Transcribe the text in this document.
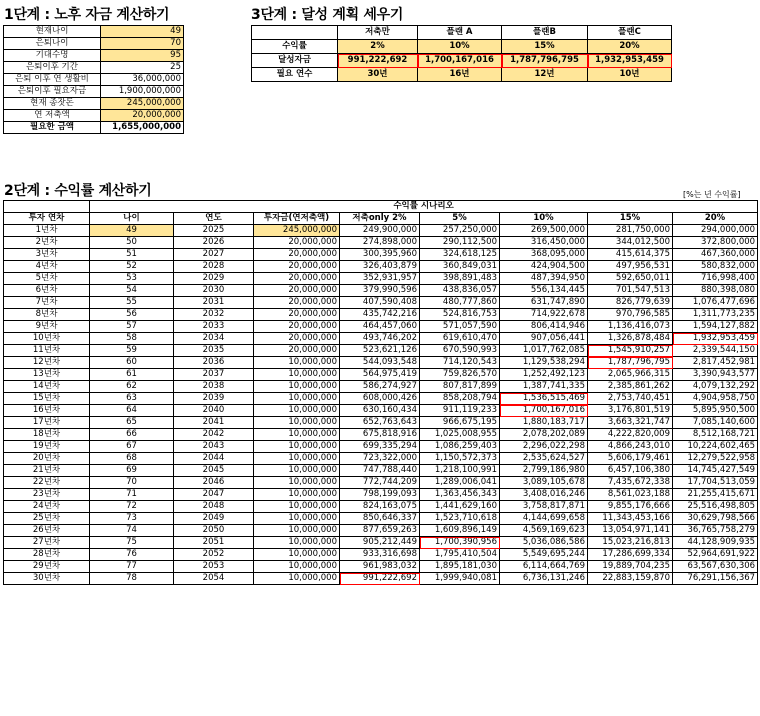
1단계 : 노후 자금 계산하기
현재나이	49
은퇴나이	70
기대수명	95
은퇴이후 기간	25
은퇴 이후 연 생활비	36,000,000
은퇴이후 필요자금	1,900,000,000
현재 종잣돈	245,000,000
연 저축액	20,000,000
필요한 금액	1,655,000,000
3단계 : 달성 계획 세우기
	저축만	플랜 A	플랜B	플랜C
수익률	2%	10%	15%	20%
달성자금	991,222,692	1,700,167,016	1,787,796,795	1,932,953,459
필요 연수	30년	16년	12년	10년
2단계 : 수익률 계산하기	[%는 년 수익률]
	수익률 시나리오							
투자 연차	나이	연도	투자금(연저축액)	저축only 2%	5%	10%	15%	20%
1년차	49	2025	245,000,000	249,900,000	257,250,000	269,500,000	281,750,000	294,000,000
2년차	50	2026	20,000,000	274,898,000	290,112,500	316,450,000	344,012,500	372,800,000
3년차	51	2027	20,000,000	300,395,960	324,618,125	368,095,000	415,614,375	467,360,000
4년차	52	2028	20,000,000	326,403,879	360,849,031	424,904,500	497,956,531	580,832,000
5년차	53	2029	20,000,000	352,931,957	398,891,483	487,394,950	592,650,011	716,998,400
6년차	54	2030	20,000,000	379,990,596	438,836,057	556,134,445	701,547,513	880,398,080
7년차	55	2031	20,000,000	407,590,408	480,777,860	631,747,890	826,779,639	1,076,477,696
8년차	56	2032	20,000,000	435,742,216	524,816,753	714,922,678	970,796,585	1,311,773,235
9년차	57	2033	20,000,000	464,457,060	571,057,590	806,414,946	1,136,416,073	1,594,127,882
10년차	58	2034	20,000,000	493,746,202	619,610,470	907,056,441	1,326,878,484	1,932,953,459
11년차	59	2035	20,000,000	523,621,126	670,590,993	1,017,762,085	1,545,910,257	2,339,544,150
12년차	60	2036	10,000,000	544,093,548	714,120,543	1,129,538,294	1,787,796,795	2,817,452,981
13년차	61	2037	10,000,000	564,975,419	759,826,570	1,252,492,123	2,065,966,315	3,390,943,577
14년차	62	2038	10,000,000	586,274,927	807,817,899	1,387,741,335	2,385,861,262	4,079,132,292
15년차	63	2039	10,000,000	608,000,426	858,208,794	1,536,515,469	2,753,740,451	4,904,958,750
16년차	64	2040	10,000,000	630,160,434	911,119,233	1,700,167,016	3,176,801,519	5,895,950,500
17년차	65	2041	10,000,000	652,763,643	966,675,195	1,880,183,717	3,663,321,747	7,085,140,600
18년차	66	2042	10,000,000	675,818,916	1,025,008,955	2,078,202,089	4,222,820,009	8,512,168,721
19년차	67	2043	10,000,000	699,335,294	1,086,259,403	2,296,022,298	4,866,243,010	10,224,602,465
20년차	68	2044	10,000,000	723,322,000	1,150,572,373	2,535,624,527	5,606,179,461	12,279,522,958
21년차	69	2045	10,000,000	747,788,440	1,218,100,991	2,799,186,980	6,457,106,380	14,745,427,549
22년차	70	2046	10,000,000	772,744,209	1,289,006,041	3,089,105,678	7,435,672,338	17,704,513,059
23년차	71	2047	10,000,000	798,199,093	1,363,456,343	3,408,016,246	8,561,023,188	21,255,415,671
24년차	72	2048	10,000,000	824,163,075	1,441,629,160	3,758,817,871	9,855,176,666	25,516,498,805
25년차	73	2049	10,000,000	850,646,337	1,523,710,618	4,144,699,658	11,343,453,166	30,629,798,566
26년차	74	2050	10,000,000	877,659,263	1,609,896,149	4,569,169,623	13,054,971,141	36,765,758,279
27년차	75	2051	10,000,000	905,212,449	1,700,390,956	5,036,086,586	15,023,216,813	44,128,909,935
28년차	76	2052	10,000,000	933,316,698	1,795,410,504	5,549,695,244	17,286,699,334	52,964,691,922
29년차	77	2053	10,000,000	961,983,032	1,895,181,030	6,114,664,769	19,889,704,235	63,567,630,306
30년차	78	2054	10,000,000	991,222,692	1,999,940,081	6,736,131,246	22,883,159,870	76,291,156,367
